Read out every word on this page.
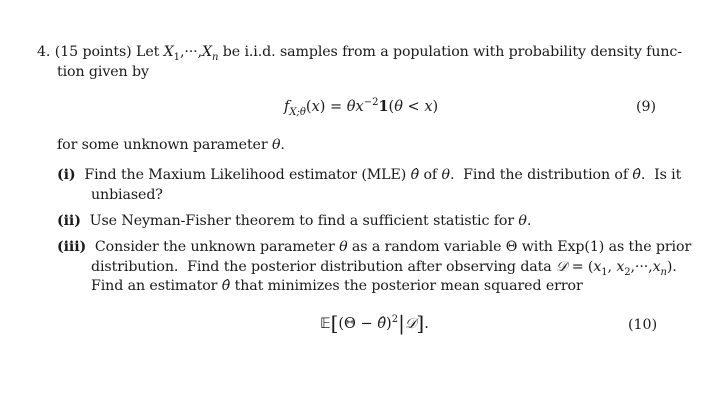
4. (15 points) Let $X_1,\cdot\cdot\cdot,X_n$ be i.i.d. samples from a population with probability density func-
tion given by
$f_{X;\theta}(x) = \theta x^{-2}1(\theta < x)$	(9)
for some unknown parameter θ.
(i)  Find the Maxium Likelihood estimator (MLE) θ̂ of θ.  Find the distribution of θ̂.  Is it
unbiased?
(ii)  Use Neyman-Fisher theorem to find a sufficient statistic for θ.
(iii)  Consider the unknown parameter θ as a random variable Θ with Exp(1) as the prior
distribution.  Find the posterior distribution after observing data 𝒟 = ($x_1$, $x_2,\cdot\cdot\cdot,x_n$).
Find an estimator θ̂ that minimizes the posterior mean squared error
𝔼[(Θ − θ̂)$^2$|𝒟].	(10)
